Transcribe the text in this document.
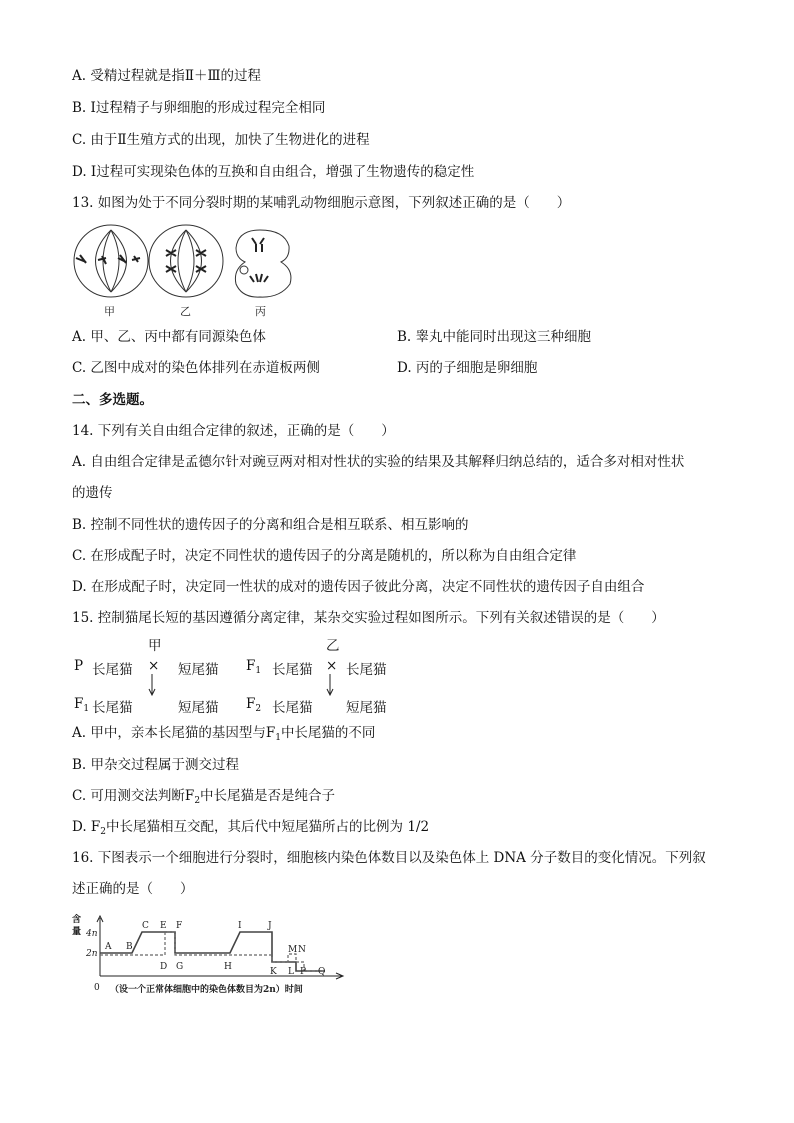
A. 受精过程就是指Ⅱ＋Ⅲ的过程
B. Ⅰ过程精子与卵细胞的形成过程完全相同
C. 由于Ⅱ生殖方式的出现，加快了生物进化的进程
D. Ⅰ过程可实现染色体的互换和自由组合，增强了生物遗传的稳定性
13. 如图为处于不同分裂时期的某哺乳动物细胞示意图，下列叙述正确的是（　　）
甲	乙	丙
A. 甲、乙、丙中都有同源染色体	B. 睾丸中能同时出现这三种细胞
C. 乙图中成对的染色体排列在赤道板两侧	D. 丙的子细胞是卵细胞
二、多选题。
14. 下列有关自由组合定律的叙述，正确的是（　　）
A. 自由组合定律是孟德尔针对豌豆两对相对性状的实验的结果及其解释归纳总结的，适合多对相对性状
的遗传
B. 控制不同性状的遗传因子的分离和组合是相互联系、相互影响的
C. 在形成配子时，决定不同性状的遗传因子的分离是随机的，所以称为自由组合定律
D. 在形成配子时，决定同一性状的成对的遗传因子彼此分离，决定不同性状的遗传因子自由组合
15. 控制猫尾长短的基因遵循分离定律，某杂交实验过程如图所示。下列有关叙述错误的是（　　）
甲	乙
P 长尾猫 × 短尾猫 $F_1$ 长尾猫 × 长尾猫
$F_1$ 长尾猫	短尾猫 $F_2$ 长尾猫 短尾猫
A. 甲中，亲本长尾猫的基因型与$F_1$中长尾猫的不同
B. 甲杂交过程属于测交过程
C. 可用测交法判断$F_2$中长尾猫是否是纯合子
D. $F_2$中长尾猫相互交配，其后代中短尾猫所占的比例为 1/2
16. 下图表示一个细胞进行分裂时，细胞核内染色体数目以及染色体上 DNA 分子数目的变化情况。下列叙
述正确的是（　　）
含
量 4n
2n
0
A B
C E F	I	J
M N
D G	H	K L P Q
（设一个正常体细胞中的染色体数目为2n）时间
